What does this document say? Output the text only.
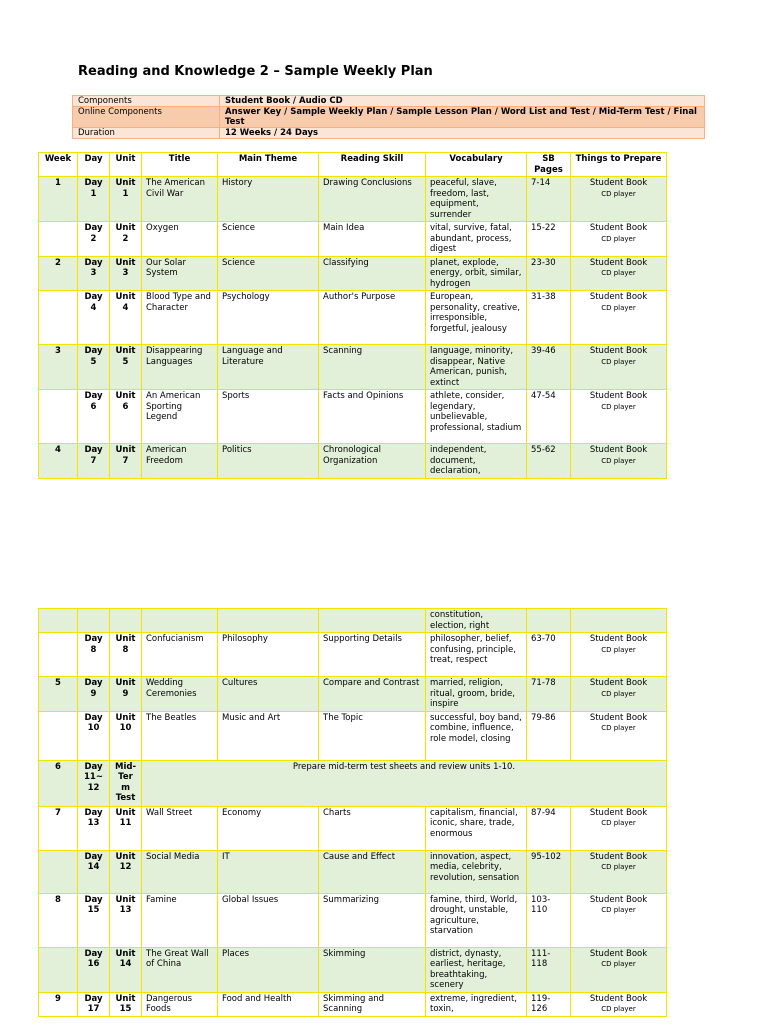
Reading and Knowledge 2 – Sample Weekly Plan
Components	Student Book / Audio CD
Online Components	Answer Key / Sample Weekly Plan / Sample Lesson Plan / Word List and Test / Mid-Term Test / Final Test
Duration	12 Weeks / 24 Days
Week	Day	Unit	Title	Main Theme	Reading Skill	Vocabulary	SB Pages	Things to Prepare
1	Day 1	Unit 1	The American Civil War	History	Drawing Conclusions	peaceful, slave, freedom, last, equipment, surrender	7-14	Student Book
CD player

	Day 2	Unit 2	Oxygen	Science	Main Idea	vital, survive, fatal, abundant, process, digest	15-22	Student Book
CD player

2	Day 3	Unit 3	Our Solar System	Science	Classifying	planet, explode, energy, orbit, similar, hydrogen	23-30	Student Book
CD player

	Day 4	Unit 4	Blood Type and Character	Psychology	Author's Purpose	European, personality, creative, irresponsible, forgetful, jealousy	31-38	Student Book
CD player

3	Day 5	Unit 5	Disappearing Languages	Language and Literature	Scanning	language, minority, disappear, Native American, punish, extinct	39-46	Student Book
CD player

	Day 6	Unit 6	An American Sporting Legend	Sports	Facts and Opinions	athlete, consider, legendary, unbelievable, professional, stadium	47-54	Student Book
CD player

4	Day 7	Unit 7	American Freedom	Politics	Chronological Organization	independent, document, declaration,	55-62	Student Book
CD player
						constitution, election, right		

	Day 8	Unit 8	Confucianism	Philosophy	Supporting Details	philosopher, belief, confusing, principle, treat, respect	63-70	Student Book
CD player

5	Day 9	Unit 9	Wedding Ceremonies	Cultures	Compare and Contrast	married, religion, ritual, groom, bride, inspire	71-78	Student Book
CD player

	Day 10	Unit 10	The Beatles	Music and Art	The Topic	successful, boy band, combine, influence, role model, closing	79-86	Student Book
CD player

6	Day 11~ 12	Mid-Ter m Test	Prepare mid-term test sheets and review units 1-10.					
7	Day 13	Unit 11	Wall Street	Economy	Charts	capitalism, financial, iconic, share, trade, enormous	87-94	Student Book
CD player

	Day 14	Unit 12	Social Media	IT	Cause and Effect	innovation, aspect, media, celebrity, revolution, sensation	95-102	Student Book
CD player

8	Day 15	Unit 13	Famine	Global Issues	Summarizing	famine, third, World, drought, unstable, agriculture, starvation	103-110	Student Book
CD player

	Day 16	Unit 14	The Great Wall of China	Places	Skimming	district, dynasty, earliest, heritage, breathtaking, scenery	111-118	Student Book
CD player

9	Day 17	Unit 15	Dangerous Foods	Food and Health	Skimming and Scanning	extreme, ingredient, toxin,	119-126	Student Book
CD player
